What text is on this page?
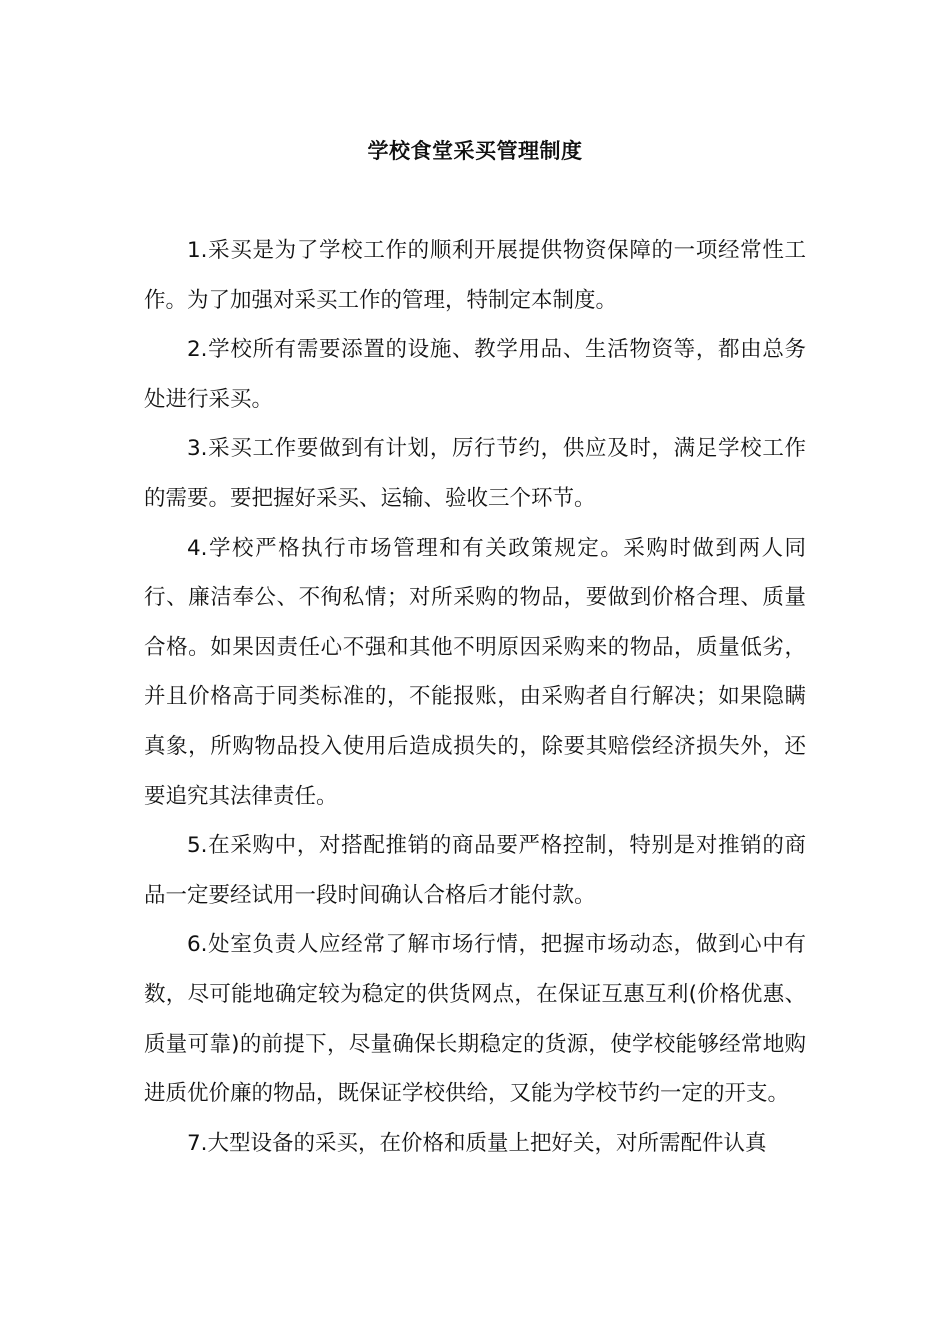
学校食堂采买管理制度

1.采买是为了学校工作的顺利开展提供物资保障的一项经常性工作。为了加强对采买工作的管理，特制定本制度。

2.学校所有需要添置的设施、教学用品、生活物资等，都由总务处进行采买。

3.采买工作要做到有计划，厉行节约，供应及时，满足学校工作的需要。要把握好采买、运输、验收三个环节。

4.学校严格执行市场管理和有关政策规定。采购时做到两人同行、廉洁奉公、不徇私情；对所采购的物品，要做到价格合理、质量合格。如果因责任心不强和其他不明原因采购来的物品，质量低劣，并且价格高于同类标准的，不能报账，由采购者自行解决；如果隐瞒真象，所购物品投入使用后造成损失的，除要其赔偿经济损失外，还要追究其法律责任。

5.在采购中，对搭配推销的商品要严格控制，特别是对推销的商品一定要经试用一段时间确认合格后才能付款。

6.处室负责人应经常了解市场行情，把握市场动态，做到心中有数，尽可能地确定较为稳定的供货网点，在保证互惠互利(价格优惠、质量可靠)的前提下，尽量确保长期稳定的货源，使学校能够经常地购进质优价廉的物品，既保证学校供给，又能为学校节约一定的开支。

7.大型设备的采买，在价格和质量上把好关，对所需配件认真
